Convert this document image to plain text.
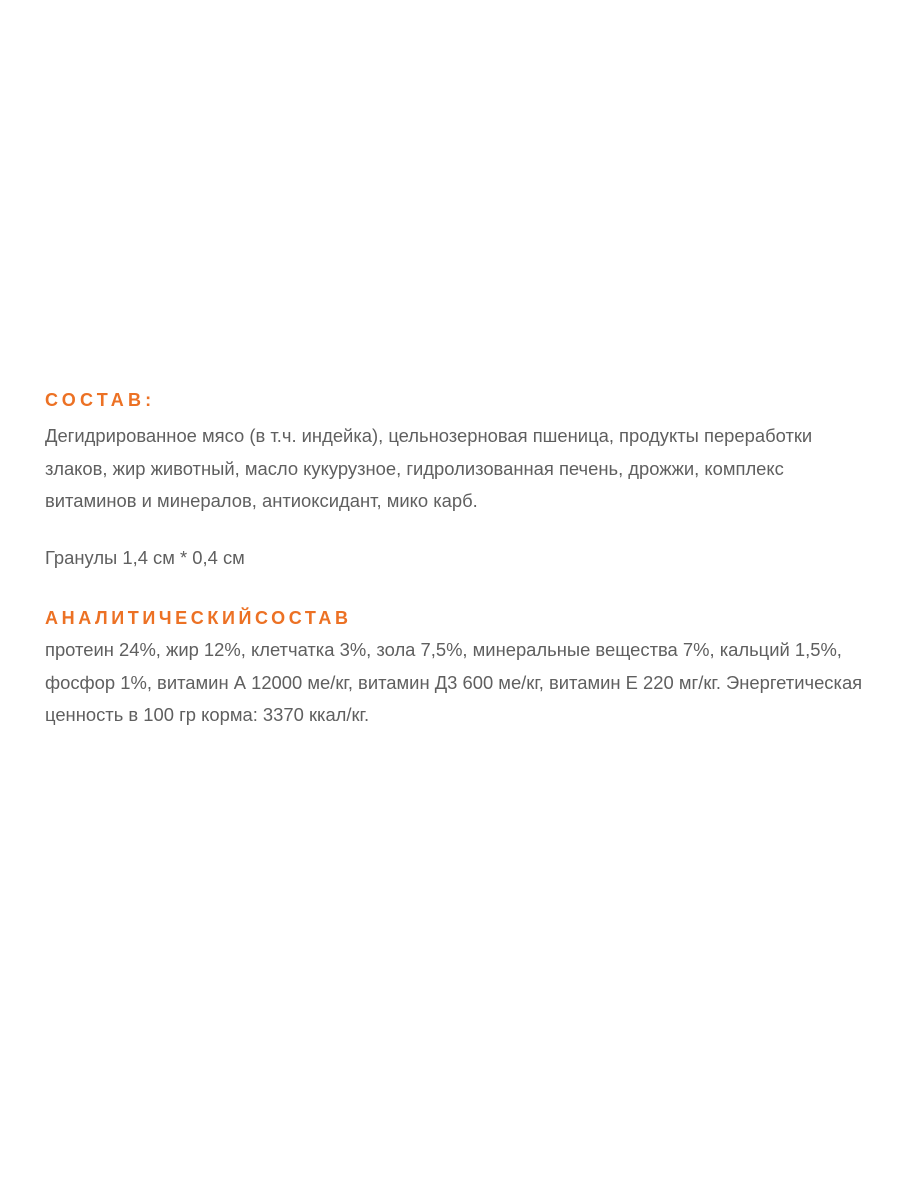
СОСТАВ:

Дегидрированное мясо (в т.ч. индейка), цельнозерновая пшеница, продукты переработки злаков, жир животный, масло кукурузное, гидролизованная печень, дрожжи, комплекс витаминов и минералов, антиоксидант, мико карб.

Гранулы 1,4 см * 0,4 см

АНАЛИТИЧЕСКИЙСОСТАВ

протеин 24%, жир 12%, клетчатка 3%, зола 7,5%, минеральные вещества 7%, кальций 1,5%, фосфор 1%, витамин А 12000 ме/кг, витамин Д3 600 ме/кг, витамин Е 220 мг/кг. Энергетическая ценность в 100 гр корма: 3370 ккал/кг.
